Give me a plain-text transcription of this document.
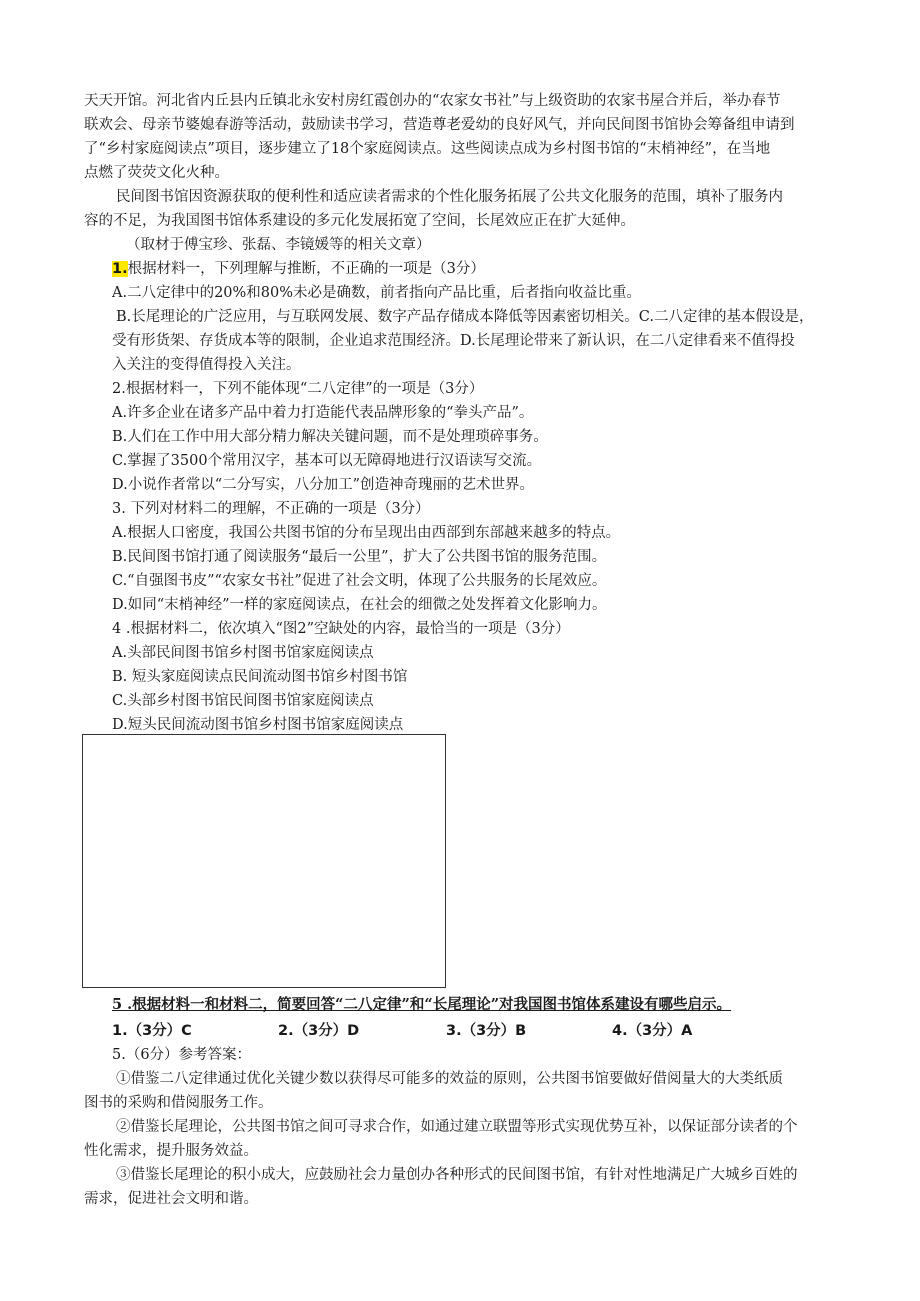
天天开馆。河北省内丘县内丘镇北永安村房红霞创办的“农家女书社”与上级资助的农家书屋合并后，举办春节
联欢会、母亲节婆媳春游等活动，鼓励读书学习，营造尊老爱幼的良好风气，并向民间图书馆协会筹备组申请到
了“乡村家庭阅读点”项目，逐步建立了18个家庭阅读点。这些阅读点成为乡村图书馆的“末梢神经”，在当地
点燃了荧荧文化火种。
民间图书馆因资源获取的便利性和适应读者需求的个性化服务拓展了公共文化服务的范围，填补了服务内
容的不足，为我国图书馆体系建设的多元化发展拓宽了空间，长尾效应正在扩大延伸。
（取材于傅宝珍、张磊、李镜媛等的相关文章）
1.根据材料一，下列理解与推断，不正确的一项是（3分）
A.二八定律中的20%和80%未必是确数，前者指向产品比重，后者指向收益比重。
B.长尾理论的广泛应用，与互联网发展、数字产品存储成本降低等因素密切相关。C.二八定律的基本假设是，
受有形货架、存货成本等的限制，企业追求范围经济。D.长尾理论带来了新认识，在二八定律看来不值得投
入关注的变得值得投入关注。
2.根据材料一，下列不能体现“二八定律”的一项是（3分）
A.许多企业在诸多产品中着力打造能代表品牌形象的“拳头产品”。
B.人们在工作中用大部分精力解决关键问题，而不是处理琐碎事务。
C.掌握了3500个常用汉字，基本可以无障碍地进行汉语读写交流。
D.小说作者常以“二分写实，八分加工”创造神奇瑰丽的艺术世界。
3. 下列对材料二的理解，不正确的一项是（3分）
A.根据人口密度，我国公共图书馆的分布呈现出由西部到东部越来越多的特点。
B.民间图书馆打通了阅读服务“最后一公里”，扩大了公共图书馆的服务范围。
C.“自强图书皮”“农家女书社”促进了社会文明，体现了公共服务的长尾效应。
D.如同“末梢神经”一样的家庭阅读点，在社会的细微之处发挥着文化影响力。
4 .根据材料二，依次填入“图2”空缺处的内容，最恰当的一项是（3分）
A.头部民间图书馆乡村图书馆家庭阅读点
B. 短头家庭阅读点民间流动图书馆乡村图书馆
C.头部乡村图书馆民间图书馆家庭阅读点
D.短头民间流动图书馆乡村图书馆家庭阅读点
5 .根据材料一和材料二，简要回答“二八定律”和“长尾理论”对我国图书馆体系建设有哪些启示。
1.（3分）C	2.（3分）D	3.（3分）B	4.（3分）A
5.（6分）参考答案：
①借鉴二八定律通过优化关键少数以获得尽可能多的效益的原则，公共图书馆要做好借阅量大的大类纸质
图书的采购和借阅服务工作。
②借鉴长尾理论，公共图书馆之间可寻求合作，如通过建立联盟等形式实现优势互补，以保证部分读者的个
性化需求，提升服务效益。
③借鉴长尾理论的积小成大，应鼓励社会力量创办各种形式的民间图书馆，有针对性地满足广大城乡百姓的
需求，促进社会文明和谐。
